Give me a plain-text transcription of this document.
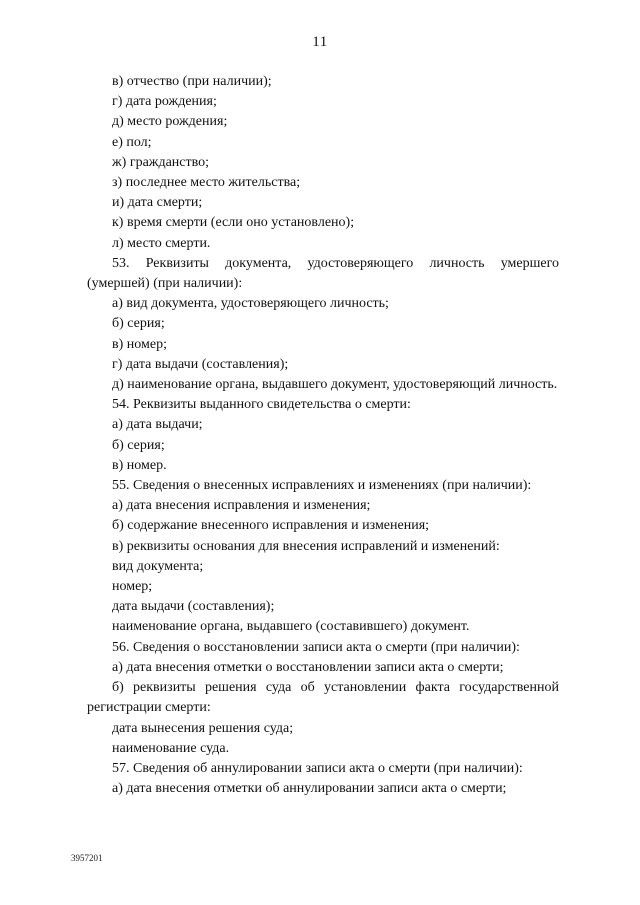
11

в) отчество (при наличии);

г) дата рождения;

д) место рождения;

е) пол;

ж) гражданство;

з) последнее место жительства;

и) дата смерти;

к) время смерти (если оно установлено);

л) место смерти.

53. Реквизиты документа, удостоверяющего личность умершего (умершей) (при наличии):

а) вид документа, удостоверяющего личность;

б) серия;

в) номер;

г) дата выдачи (составления);

д) наименование органа, выдавшего документ, удостоверяющий личность.

54. Реквизиты выданного свидетельства о смерти:

а) дата выдачи;

б) серия;

в) номер.

55. Сведения о внесенных исправлениях и изменениях (при наличии):

а) дата внесения исправления и изменения;

б) содержание внесенного исправления и изменения;

в) реквизиты основания для внесения исправлений и изменений:

вид документа;

номер;

дата выдачи (составления);

наименование органа, выдавшего (составившего) документ.

56. Сведения о восстановлении записи акта о смерти (при наличии):

а) дата внесения отметки о восстановлении записи акта о смерти;

б) реквизиты решения суда об установлении факта государственной регистрации смерти:

дата вынесения решения суда;

наименование суда.

57. Сведения об аннулировании записи акта о смерти (при наличии):

а) дата внесения отметки об аннулировании записи акта о смерти;

3957201
